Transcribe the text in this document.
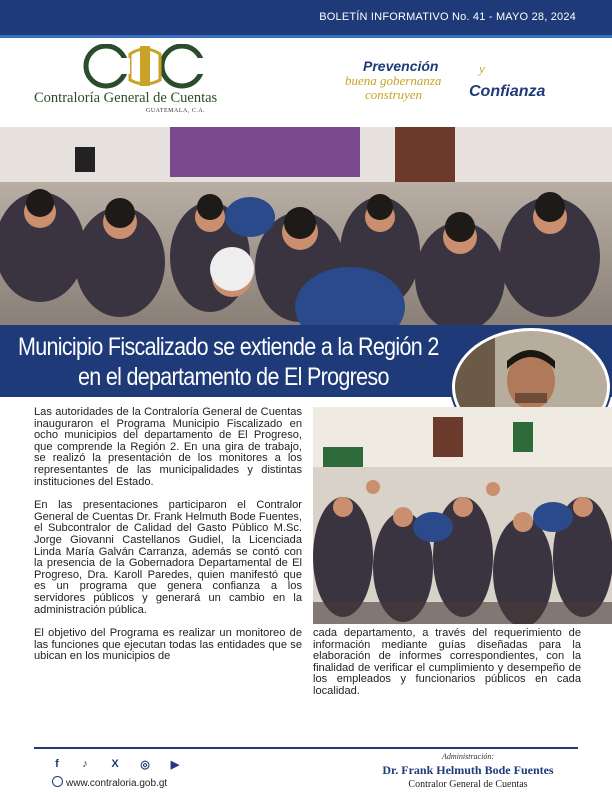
BOLETÍN INFORMATIVO No. 41 - MAYO 28, 2024
Contraloría General de Cuentas
GUATEMALA, C.A.
Prevención	y
buena gobernanza
construyen	Confianza
Municipio Fiscalizado se extiende a la Región 2
en el departamento de El Progreso

Las autoridades de la Contraloría General de Cuentas inauguraron el Programa Municipio Fiscalizado en ocho municipios del departamento de El Progreso, que comprende la Región 2. En una gira de trabajo, se realizó la presentación de los monitores a los representantes de las municipalidades y distintas instituciones del Estado.

En las presentaciones participaron el Contralor General de Cuentas Dr. Frank Helmuth Bode Fuentes, el Subcontralor de Calidad del Gasto Público M.Sc. Jorge Giovanni Castellanos Gudiel, la Licenciada Linda María Galván Carranza, además se contó con la presencia de la Gobernadora Departamental de El Progreso, Dra. Karoll Paredes, quien manifestó que es un programa que genera confianza a los servidores públicos y generará un cambio en la administración pública.

El objetivo del Programa es realizar un monitoreo de las funciones que ejecutan todas las entidades que se ubican en los municipios de

cada departamento, a través del requerimiento de información mediante guías diseñadas para la elaboración de informes correspondientes, con la finalidad de verificar el cumplimiento y desempeño de los empleados y funcionarios públicos en cada localidad.

f	♪	X	◎ ▶
www.contraloria.gob.gt
Administración:
Dr. Frank Helmuth Bode Fuentes
Contralor General de Cuentas
